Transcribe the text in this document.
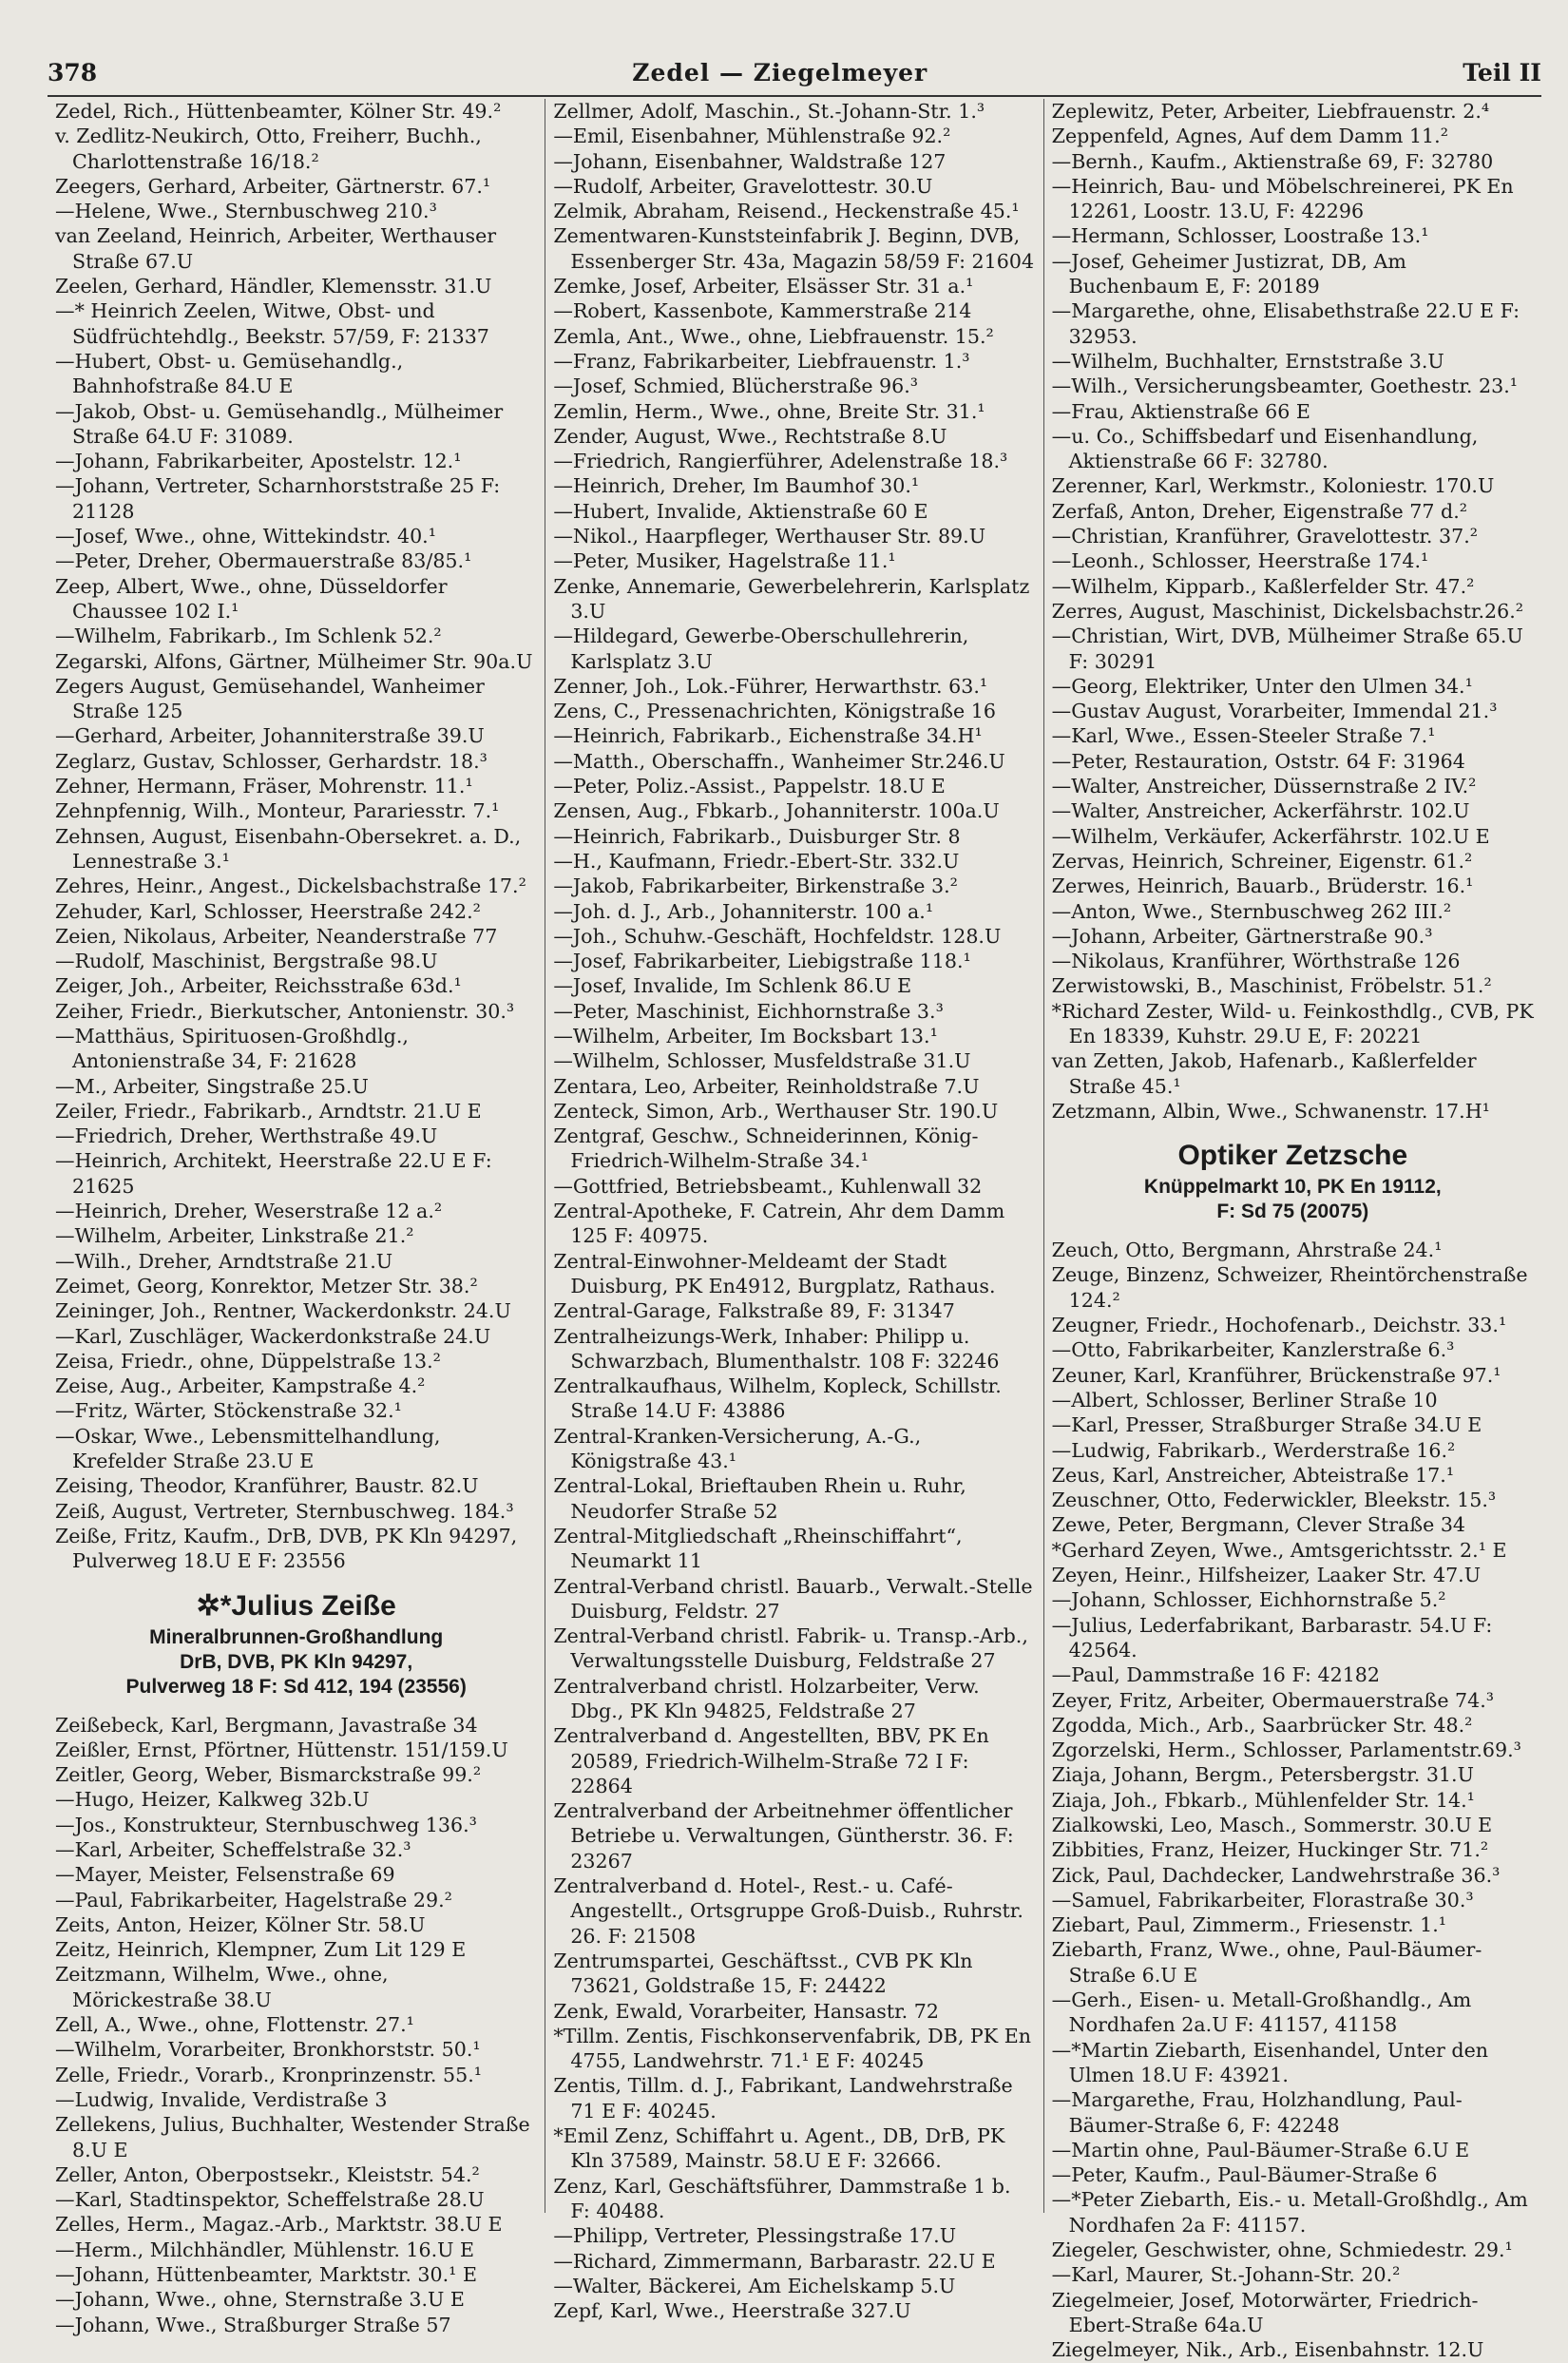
378	Zedel — Ziegelmeyer	Teil II
Zedel, Rich., Hüttenbeamter, Kölner Str. 49.²
v. Zedlitz-Neukirch, Otto, Freiherr, Buchh., Charlottenstraße 16/18.²
Zeegers, Gerhard, Arbeiter, Gärtnerstr. 67.¹
—Helene, Wwe., Sternbuschweg 210.³
van Zeeland, Heinrich, Arbeiter, Werthauser Straße 67.U
Zeelen, Gerhard, Händler, Klemensstr. 31.U
—* Heinrich Zeelen, Witwe, Obst- und Südfrüchtehdlg., Beekstr. 57/59, F: 21337
—Hubert, Obst- u. Gemüsehandlg., Bahnhofstraße 84.U E
—Jakob, Obst- u. Gemüsehandlg., Mülheimer Straße 64.U F: 31089.
—Johann, Fabrikarbeiter, Apostelstr. 12.¹
—Johann, Vertreter, Scharnhorststraße 25 F: 21128
—Josef, Wwe., ohne, Wittekindstr. 40.¹
—Peter, Dreher, Obermauerstraße 83/85.¹
Zeep, Albert, Wwe., ohne, Düsseldorfer Chaussee 102 I.¹
—Wilhelm, Fabrikarb., Im Schlenk 52.²
Zegarski, Alfons, Gärtner, Mülheimer Str. 90a.U
Zegers August, Gemüsehandel, Wanheimer Straße 125
—Gerhard, Arbeiter, Johanniterstraße 39.U
Zeglarz, Gustav, Schlosser, Gerhardstr. 18.³
Zehner, Hermann, Fräser, Mohrenstr. 11.¹
Zehnpfennig, Wilh., Monteur, Parariesstr. 7.¹
Zehnsen, August, Eisenbahn-Obersekret. a. D., Lennestraße 3.¹
Zehres, Heinr., Angest., Dickelsbachstraße 17.²
Zehuder, Karl, Schlosser, Heerstraße 242.²
Zeien, Nikolaus, Arbeiter, Neanderstraße 77
—Rudolf, Maschinist, Bergstraße 98.U
Zeiger, Joh., Arbeiter, Reichsstraße 63d.¹
Zeiher, Friedr., Bierkutscher, Antonienstr. 30.³
—Matthäus, Spirituosen-Großhdlg., Antonienstraße 34, F: 21628
—M., Arbeiter, Singstraße 25.U
Zeiler, Friedr., Fabrikarb., Arndtstr. 21.U E
—Friedrich, Dreher, Werthstraße 49.U
—Heinrich, Architekt, Heerstraße 22.U E F: 21625
—Heinrich, Dreher, Weserstraße 12 a.²
—Wilhelm, Arbeiter, Linkstraße 21.²
—Wilh., Dreher, Arndtstraße 21.U
Zeimet, Georg, Konrektor, Metzer Str. 38.²
Zeininger, Joh., Rentner, Wackerdonkstr. 24.U
—Karl, Zuschläger, Wackerdonkstraße 24.U
Zeisa, Friedr., ohne, Düppelstraße 13.²
Zeise, Aug., Arbeiter, Kampstraße 4.²
—Fritz, Wärter, Stöckenstraße 32.¹
—Oskar, Wwe., Lebensmittelhandlung, Krefelder Straße 23.U E
Zeising, Theodor, Kranführer, Baustr. 82.U
Zeiß, August, Vertreter, Sternbuschweg. 184.³
Zeiße, Fritz, Kaufm., DrB, DVB, PK Kln 94297, Pulverweg 18.U E F: 23556
✲*Julius Zeiße
Mineralbrunnen-Großhandlung
DrB, DVB, PK Kln 94297,
Pulverweg 18 F: Sd 412, 194 (23556)
Zeißebeck, Karl, Bergmann, Javastraße 34
Zeißler, Ernst, Pförtner, Hüttenstr. 151/159.U
Zeitler, Georg, Weber, Bismarckstraße 99.²
—Hugo, Heizer, Kalkweg 32b.U
—Jos., Konstrukteur, Sternbuschweg 136.³
—Karl, Arbeiter, Scheffelstraße 32.³
—Mayer, Meister, Felsenstraße 69
—Paul, Fabrikarbeiter, Hagelstraße 29.²
Zeits, Anton, Heizer, Kölner Str. 58.U
Zeitz, Heinrich, Klempner, Zum Lit 129 E
Zeitzmann, Wilhelm, Wwe., ohne, Mörickestraße 38.U
Zell, A., Wwe., ohne, Flottenstr. 27.¹
—Wilhelm, Vorarbeiter, Bronkhorststr. 50.¹
Zelle, Friedr., Vorarb., Kronprinzenstr. 55.¹
—Ludwig, Invalide, Verdistraße 3
Zellekens, Julius, Buchhalter, Westender Straße 8.U E
Zeller, Anton, Oberpostsekr., Kleiststr. 54.²
—Karl, Stadtinspektor, Scheffelstraße 28.U
Zelles, Herm., Magaz.-Arb., Marktstr. 38.U E
—Herm., Milchhändler, Mühlenstr. 16.U E
—Johann, Hüttenbeamter, Marktstr. 30.¹ E
—Johann, Wwe., ohne, Sternstraße 3.U E
—Johann, Wwe., Straßburger Straße 57
Zellmer, Adolf, Maschin., St.-Johann-Str. 1.³
—Emil, Eisenbahner, Mühlenstraße 92.²
—Johann, Eisenbahner, Waldstraße 127
—Rudolf, Arbeiter, Gravelottestr. 30.U
Zelmik, Abraham, Reisend., Heckenstraße 45.¹
Zementwaren-Kunststeinfabrik J. Beginn, DVB, Essenberger Str. 43a, Magazin 58/59 F: 21604
Zemke, Josef, Arbeiter, Elsässer Str. 31 a.¹
—Robert, Kassenbote, Kammerstraße 214
Zemla, Ant., Wwe., ohne, Liebfrauenstr. 15.²
—Franz, Fabrikarbeiter, Liebfrauenstr. 1.³
—Josef, Schmied, Blücherstraße 96.³
Zemlin, Herm., Wwe., ohne, Breite Str. 31.¹
Zender, August, Wwe., Rechtstraße 8.U
—Friedrich, Rangierführer, Adelenstraße 18.³
—Heinrich, Dreher, Im Baumhof 30.¹
—Hubert, Invalide, Aktienstraße 60 E
—Nikol., Haarpfleger, Werthauser Str. 89.U
—Peter, Musiker, Hagelstraße 11.¹
Zenke, Annemarie, Gewerbelehrerin, Karlsplatz 3.U
—Hildegard, Gewerbe-Oberschullehrerin, Karlsplatz 3.U
Zenner, Joh., Lok.-Führer, Herwarthstr. 63.¹
Zens, C., Pressenachrichten, Königstraße 16
—Heinrich, Fabrikarb., Eichenstraße 34.H¹
—Matth., Oberschaffn., Wanheimer Str.246.U
—Peter, Poliz.-Assist., Pappelstr. 18.U E
Zensen, Aug., Fbkarb., Johanniterstr. 100a.U
—Heinrich, Fabrikarb., Duisburger Str. 8
—H., Kaufmann, Friedr.-Ebert-Str. 332.U
—Jakob, Fabrikarbeiter, Birkenstraße 3.²
—Joh. d. J., Arb., Johanniterstr. 100 a.¹
—Joh., Schuhw.-Geschäft, Hochfeldstr. 128.U
—Josef, Fabrikarbeiter, Liebigstraße 118.¹
—Josef, Invalide, Im Schlenk 86.U E
—Peter, Maschinist, Eichhornstraße 3.³
—Wilhelm, Arbeiter, Im Bocksbart 13.¹
—Wilhelm, Schlosser, Musfeldstraße 31.U
Zentara, Leo, Arbeiter, Reinholdstraße 7.U
Zenteck, Simon, Arb., Werthauser Str. 190.U
Zentgraf, Geschw., Schneiderinnen, König-Friedrich-Wilhelm-Straße 34.¹
—Gottfried, Betriebsbeamt., Kuhlenwall 32
Zentral-Apotheke, F. Catrein, Ahr dem Damm 125 F: 40975.
Zentral-Einwohner-Meldeamt der Stadt Duisburg, PK En4912, Burgplatz, Rathaus.
Zentral-Garage, Falkstraße 89, F: 31347
Zentralheizungs-Werk, Inhaber: Philipp u. Schwarzbach, Blumenthalstr. 108 F: 32246
Zentralkaufhaus, Wilhelm, Kopleck, Schillstr. Straße 14.U F: 43886
Zentral-Kranken-Versicherung, A.-G., Königstraße 43.¹
Zentral-Lokal, Brieftauben Rhein u. Ruhr, Neudorfer Straße 52
Zentral-Mitgliedschaft „Rheinschiffahrt“, Neumarkt 11
Zentral-Verband christl. Bauarb., Verwalt.-Stelle Duisburg, Feldstr. 27
Zentral-Verband christl. Fabrik- u. Transp.-Arb., Verwaltungsstelle Duisburg, Feldstraße 27
Zentralverband christl. Holzarbeiter, Verw. Dbg., PK Kln 94825, Feldstraße 27
Zentralverband d. Angestellten, BBV, PK En 20589, Friedrich-Wilhelm-Straße 72 I F: 22864
Zentralverband der Arbeitnehmer öffentlicher Betriebe u. Verwaltungen, Güntherstr. 36. F: 23267
Zentralverband d. Hotel-, Rest.- u. Café-Angestellt., Ortsgruppe Groß-Duisb., Ruhrstr. 26. F: 21508
Zentrumspartei, Geschäftsst., CVB PK Kln 73621, Goldstraße 15, F: 24422
Zenk, Ewald, Vorarbeiter, Hansastr. 72
*Tillm. Zentis, Fischkonservenfabrik, DB, PK En 4755, Landwehrstr. 71.¹ E F: 40245
Zentis, Tillm. d. J., Fabrikant, Landwehrstraße 71 E F: 40245.
*Emil Zenz, Schiffahrt u. Agent., DB, DrB, PK Kln 37589, Mainstr. 58.U E F: 32666.
Zenz, Karl, Geschäftsführer, Dammstraße 1 b. F: 40488.
—Philipp, Vertreter, Plessingstraße 17.U
—Richard, Zimmermann, Barbarastr. 22.U E
—Walter, Bäckerei, Am Eichelskamp 5.U
Zepf, Karl, Wwe., Heerstraße 327.U
Zeplewitz, Peter, Arbeiter, Liebfrauenstr. 2.⁴
Zeppenfeld, Agnes, Auf dem Damm 11.²
—Bernh., Kaufm., Aktienstraße 69, F: 32780
—Heinrich, Bau- und Möbelschreinerei, PK En 12261, Loostr. 13.U, F: 42296
—Hermann, Schlosser, Loostraße 13.¹
—Josef, Geheimer Justizrat, DB, Am Buchenbaum E, F: 20189
—Margarethe, ohne, Elisabethstraße 22.U E F: 32953.
—Wilhelm, Buchhalter, Ernststraße 3.U
—Wilh., Versicherungsbeamter, Goethestr. 23.¹
—Frau, Aktienstraße 66 E
—u. Co., Schiffsbedarf und Eisenhandlung, Aktienstraße 66 F: 32780.
Zerenner, Karl, Werkmstr., Koloniestr. 170.U
Zerfaß, Anton, Dreher, Eigenstraße 77 d.²
—Christian, Kranführer, Gravelottestr. 37.²
—Leonh., Schlosser, Heerstraße 174.¹
—Wilhelm, Kipparb., Kaßlerfelder Str. 47.²
Zerres, August, Maschinist, Dickelsbachstr.26.²
—Christian, Wirt, DVB, Mülheimer Straße 65.U F: 30291
—Georg, Elektriker, Unter den Ulmen 34.¹
—Gustav August, Vorarbeiter, Immendal 21.³
—Karl, Wwe., Essen-Steeler Straße 7.¹
—Peter, Restauration, Oststr. 64 F: 31964
—Walter, Anstreicher, Düssernstraße 2 IV.²
—Walter, Anstreicher, Ackerfährstr. 102.U
—Wilhelm, Verkäufer, Ackerfährstr. 102.U E
Zervas, Heinrich, Schreiner, Eigenstr. 61.²
Zerwes, Heinrich, Bauarb., Brüderstr. 16.¹
—Anton, Wwe., Sternbuschweg 262 III.²
—Johann, Arbeiter, Gärtnerstraße 90.³
—Nikolaus, Kranführer, Wörthstraße 126
Zerwistowski, B., Maschinist, Fröbelstr. 51.²
*Richard Zester, Wild- u. Feinkosthdlg., CVB, PK En 18339, Kuhstr. 29.U E, F: 20221
van Zetten, Jakob, Hafenarb., Kaßlerfelder Straße 45.¹
Zetzmann, Albin, Wwe., Schwanenstr. 17.H¹
Optiker Zetzsche
Knüppelmarkt 10, PK En 19112,
F: Sd 75 (20075)
Zeuch, Otto, Bergmann, Ahrstraße 24.¹
Zeuge, Binzenz, Schweizer, Rheintörchenstraße 124.²
Zeugner, Friedr., Hochofenarb., Deichstr. 33.¹
—Otto, Fabrikarbeiter, Kanzlerstraße 6.³
Zeuner, Karl, Kranführer, Brückenstraße 97.¹
—Albert, Schlosser, Berliner Straße 10
—Karl, Presser, Straßburger Straße 34.U E
—Ludwig, Fabrikarb., Werderstraße 16.²
Zeus, Karl, Anstreicher, Abteistraße 17.¹
Zeuschner, Otto, Federwickler, Bleekstr. 15.³
Zewe, Peter, Bergmann, Clever Straße 34
*Gerhard Zeyen, Wwe., Amtsgerichtsstr. 2.¹ E
Zeyen, Heinr., Hilfsheizer, Laaker Str. 47.U
—Johann, Schlosser, Eichhornstraße 5.²
—Julius, Lederfabrikant, Barbarastr. 54.U F: 42564.
—Paul, Dammstraße 16 F: 42182
Zeyer, Fritz, Arbeiter, Obermauerstraße 74.³
Zgodda, Mich., Arb., Saarbrücker Str. 48.²
Zgorzelski, Herm., Schlosser, Parlamentstr.69.³
Ziaja, Johann, Bergm., Petersbergstr. 31.U
Ziaja, Joh., Fbkarb., Mühlenfelder Str. 14.¹
Zialkowski, Leo, Masch., Sommerstr. 30.U E
Zibbities, Franz, Heizer, Huckinger Str. 71.²
Zick, Paul, Dachdecker, Landwehrstraße 36.³
—Samuel, Fabrikarbeiter, Florastraße 30.³
Ziebart, Paul, Zimmerm., Friesenstr. 1.¹
Ziebarth, Franz, Wwe., ohne, Paul-Bäumer-Straße 6.U E
—Gerh., Eisen- u. Metall-Großhandlg., Am Nordhafen 2a.U F: 41157, 41158
—*Martin Ziebarth, Eisenhandel, Unter den Ulmen 18.U F: 43921.
—Margarethe, Frau, Holzhandlung, Paul-Bäumer-Straße 6, F: 42248
—Martin ohne, Paul-Bäumer-Straße 6.U E
—Peter, Kaufm., Paul-Bäumer-Straße 6
—*Peter Ziebarth, Eis.- u. Metall-Großhdlg., Am Nordhafen 2a F: 41157.
Ziegeler, Geschwister, ohne, Schmiedestr. 29.¹
—Karl, Maurer, St.-Johann-Str. 20.²
Ziegelmeier, Josef, Motorwärter, Friedrich-Ebert-Straße 64a.U
Ziegelmeyer, Nik., Arb., Eisenbahnstr. 12.U
